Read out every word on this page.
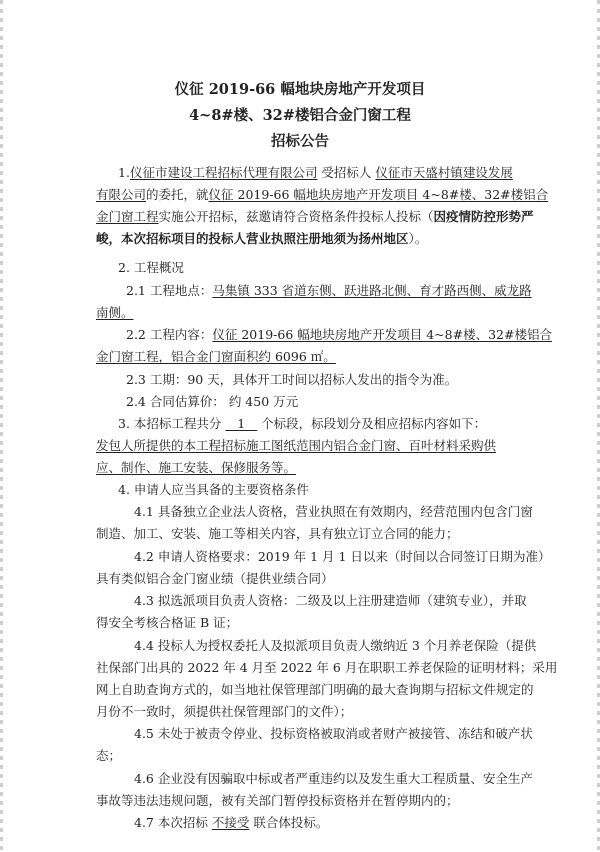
仪征 2019-66 幅地块房地产开发项目
4~8#楼、32#楼铝合金门窗工程
招标公告
1.仪征市建设工程招标代理有限公司 受招标人 仪征市天盛村镇建设发展
有限公司的委托，就仪征 2019-66 幅地块房地产开发项目 4~8#楼、32#楼铝合
金门窗工程实施公开招标，兹邀请符合资格条件投标人投标（因疫情防控形势严
峻，本次招标项目的投标人营业执照注册地须为扬州地区）。
2. 工程概况
2.1 工程地点：马集镇 333 省道东侧、跃进路北侧、育才路西侧、威龙路
南侧。
2.2 工程内容：仪征 2019-66 幅地块房地产开发项目 4~8#楼、32#楼铝合
金门窗工程，铝合金门窗面积约 6096 ㎡。
2.3 工期：90 天，具体开工时间以招标人发出的指令为准。
2.4 合同估算价： 约 450 万元
3. 本招标工程共分    1    个标段，标段划分及相应招标内容如下：
发包人所提供的本工程招标施工图纸范围内铝合金门窗、百叶材料采购供
应、制作、施工安装、保修服务等。
4. 申请人应当具备的主要资格条件
4.1 具备独立企业法人资格，营业执照在有效期内，经营范围内包含门窗
制造、加工、安装、施工等相关内容，具有独立订立合同的能力；
4.2 申请人资格要求：2019 年 1 月 1 日以来（时间以合同签订日期为准）
具有类似铝合金门窗业绩（提供业绩合同）
4.3 拟选派项目负责人资格：二级及以上注册建造师（建筑专业），并取
得安全考核合格证 B 证；
4.4 投标人为授权委托人及拟派项目负责人缴纳近 3 个月养老保险（提供
社保部门出具的 2022 年 4 月至 2022 年 6 月在职职工养老保险的证明材料；采用
网上自助查询方式的，如当地社保管理部门明确的最大查询期与招标文件规定的
月份不一致时，须提供社保管理部门的文件）；
4.5 未处于被责令停业、投标资格被取消或者财产被接管、冻结和破产状
态；
4.6 企业没有因骗取中标或者严重违约以及发生重大工程质量、安全生产
事故等违法违规问题，被有关部门暂停投标资格并在暂停期内的；
4.7 本次招标 不接受 联合体投标。
